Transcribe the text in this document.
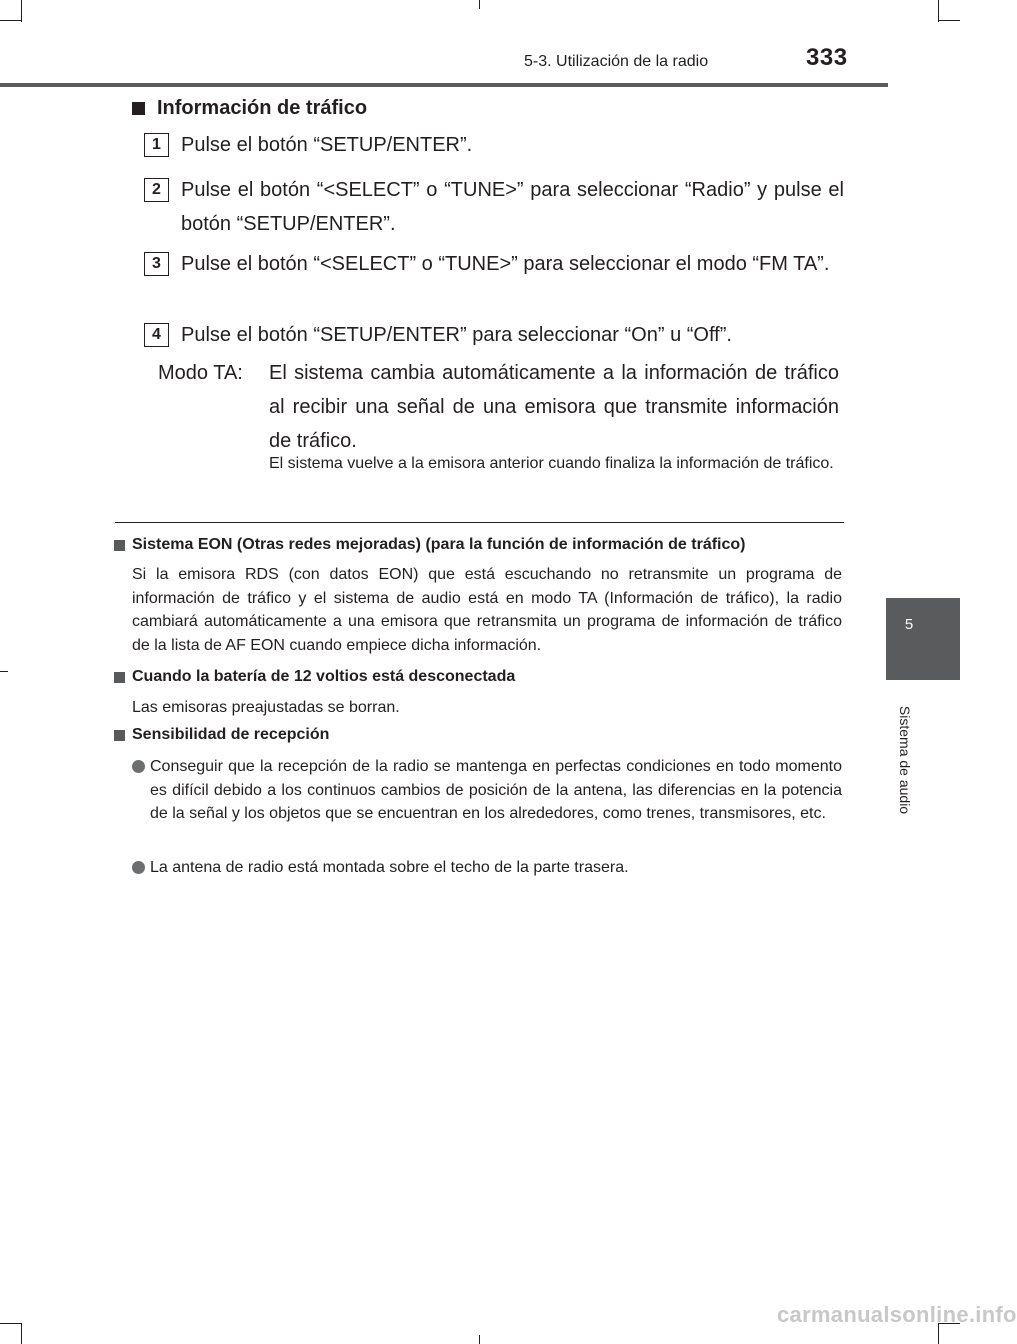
5-3. Utilización de la radio	333
5
Sistema de audio
Información de tráfico
1	Pulse el botón “SETUP/ENTER”.
2	Pulse el botón “<SELECT” o “TUNE>” para seleccionar “Radio” y pulse el botón “SETUP/ENTER”.
3	Pulse el botón “<SELECT” o “TUNE>” para seleccionar el modo “FM TA”.
4	Pulse el botón “SETUP/ENTER” para seleccionar “On” u “Off”.
Modo TA: El sistema cambia automáticamente a la información de tráfico al recibir una señal de una emisora que transmite información de tráfico.
El sistema vuelve a la emisora anterior cuando finaliza la información de tráfico.
Sistema EON (Otras redes mejoradas) (para la función de información de tráfico)
Si la emisora RDS (con datos EON) que está escuchando no retransmite un programa de información de tráfico y el sistema de audio está en modo TA (Información de tráfico), la radio cambiará automáticamente a una emisora que retransmita un programa de información de tráfico de la lista de AF EON cuando empiece dicha información.
Cuando la batería de 12 voltios está desconectada
Las emisoras preajustadas se borran.
Sensibilidad de recepción
Conseguir que la recepción de la radio se mantenga en perfectas condiciones en todo momento es difícil debido a los continuos cambios de posición de la antena, las diferencias en la potencia de la señal y los objetos que se encuentran en los alrededores, como trenes, transmisores, etc.
La antena de radio está montada sobre el techo de la parte trasera.
carmanualsonline.info
